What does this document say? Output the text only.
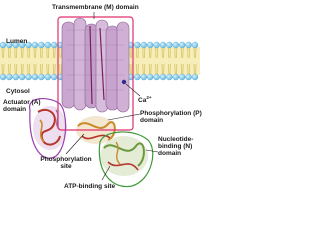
Transmembrane (M) domain
Lumen
Cytosol
Actuator (A)
domain
$Ca^{2+}$
Phosphorylation (P)
domain
Nucleotide-
binding (N)
domain
Phosphorylation
site
ATP-binding site
